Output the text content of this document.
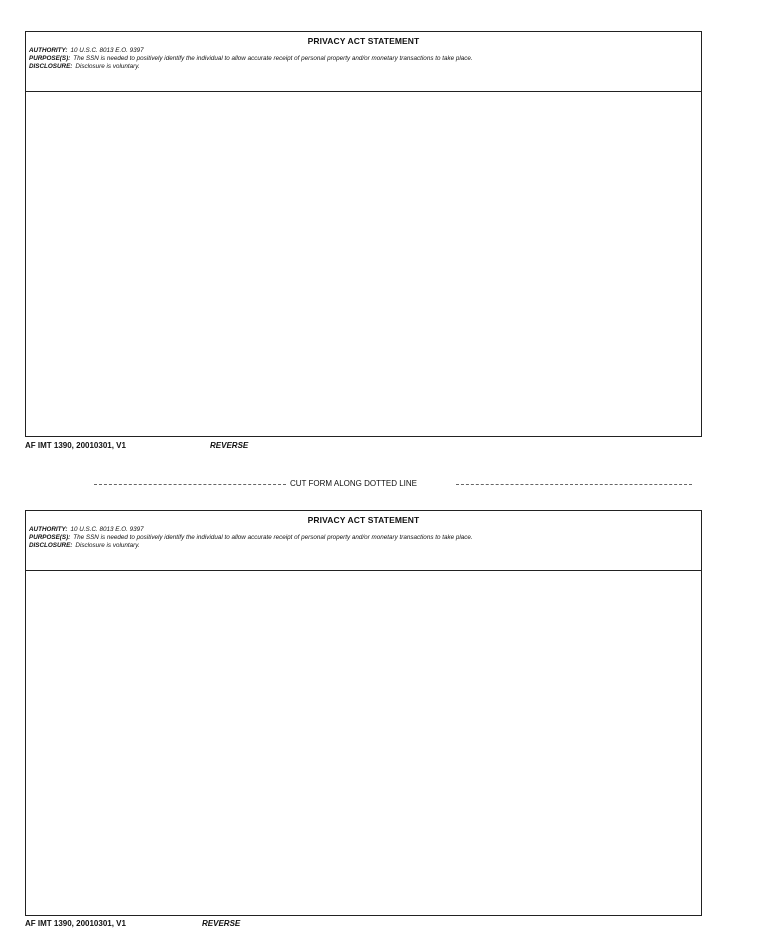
PRIVACY ACT STATEMENT
AUTHORITY: 10 U.S.C. 8013 E.O. 9397
PURPOSE(S): The SSN is needed to positively identify the individual to allow accurate receipt of personal property and/or monetary transactions to take place.
DISCLOSURE: Disclosure is voluntary.
AF IMT 1390, 20010301, V1	REVERSE
CUT FORM ALONG DOTTED LINE
PRIVACY ACT STATEMENT
AUTHORITY: 10 U.S.C. 8013 E.O. 9397
PURPOSE(S): The SSN is needed to positively identify the individual to allow accurate receipt of personal property and/or monetary transactions to take place.
DISCLOSURE: Disclosure is voluntary.
AF IMT 1390, 20010301, V1	REVERSE
